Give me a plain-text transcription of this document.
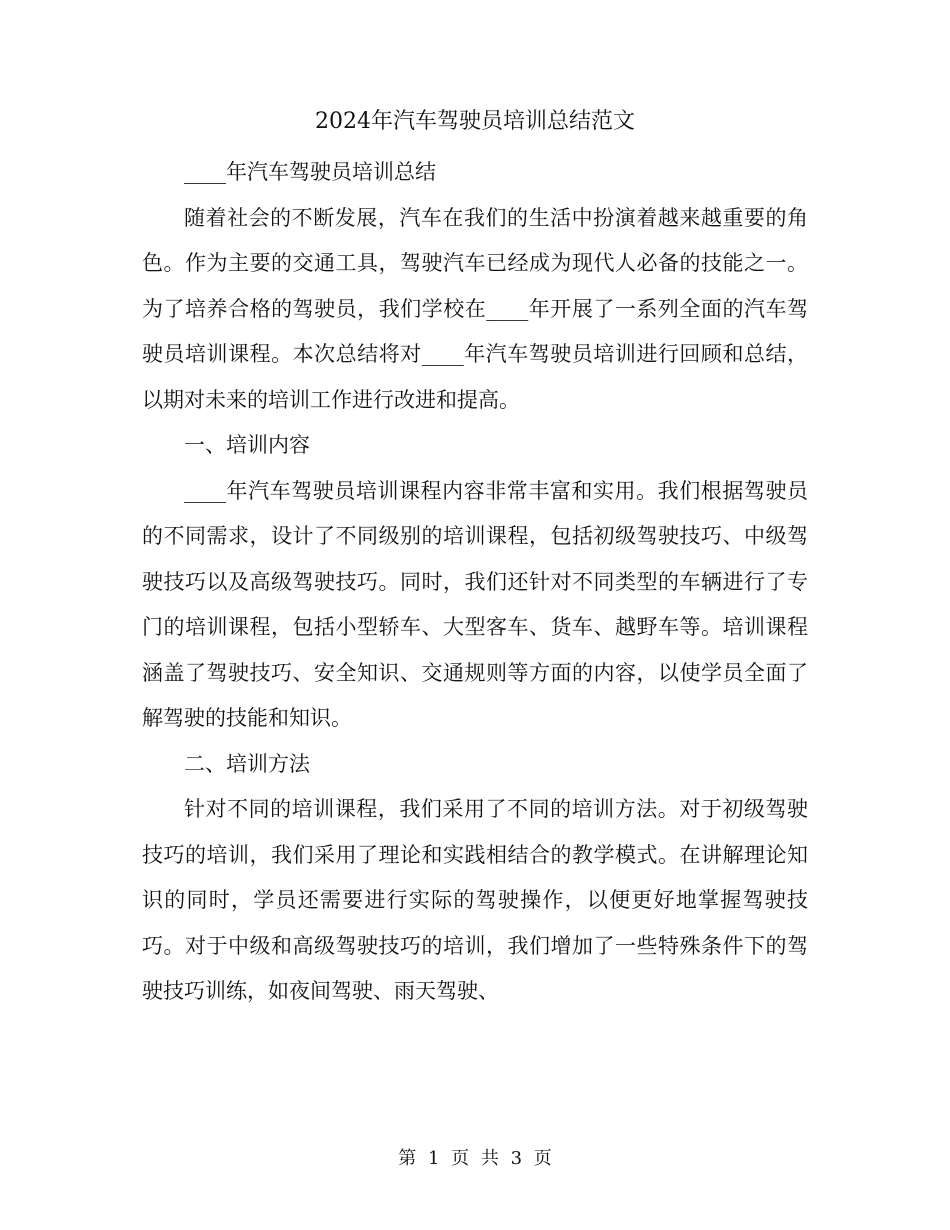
2024年汽车驾驶员培训总结范文

____年汽车驾驶员培训总结

随着社会的不断发展，汽车在我们的生活中扮演着越来越重要的角色。作为主要的交通工具，驾驶汽车已经成为现代人必备的技能之一。为了培养合格的驾驶员，我们学校在____年开展了一系列全面的汽车驾驶员培训课程。本次总结将对____年汽车驾驶员培训进行回顾和总结，以期对未来的培训工作进行改进和提高。

一、培训内容

____年汽车驾驶员培训课程内容非常丰富和实用。我们根据驾驶员的不同需求，设计了不同级别的培训课程，包括初级驾驶技巧、中级驾驶技巧以及高级驾驶技巧。同时，我们还针对不同类型的车辆进行了专门的培训课程，包括小型轿车、大型客车、货车、越野车等。培训课程涵盖了驾驶技巧、安全知识、交通规则等方面的内容，以使学员全面了解驾驶的技能和知识。

二、培训方法

针对不同的培训课程，我们采用了不同的培训方法。对于初级驾驶技巧的培训，我们采用了理论和实践相结合的教学模式。在讲解理论知识的同时，学员还需要进行实际的驾驶操作，以便更好地掌握驾驶技巧。对于中级和高级驾驶技巧的培训，我们增加了一些特殊条件下的驾驶技巧训练，如夜间驾驶、雨天驾驶、

第 1 页 共 3 页
